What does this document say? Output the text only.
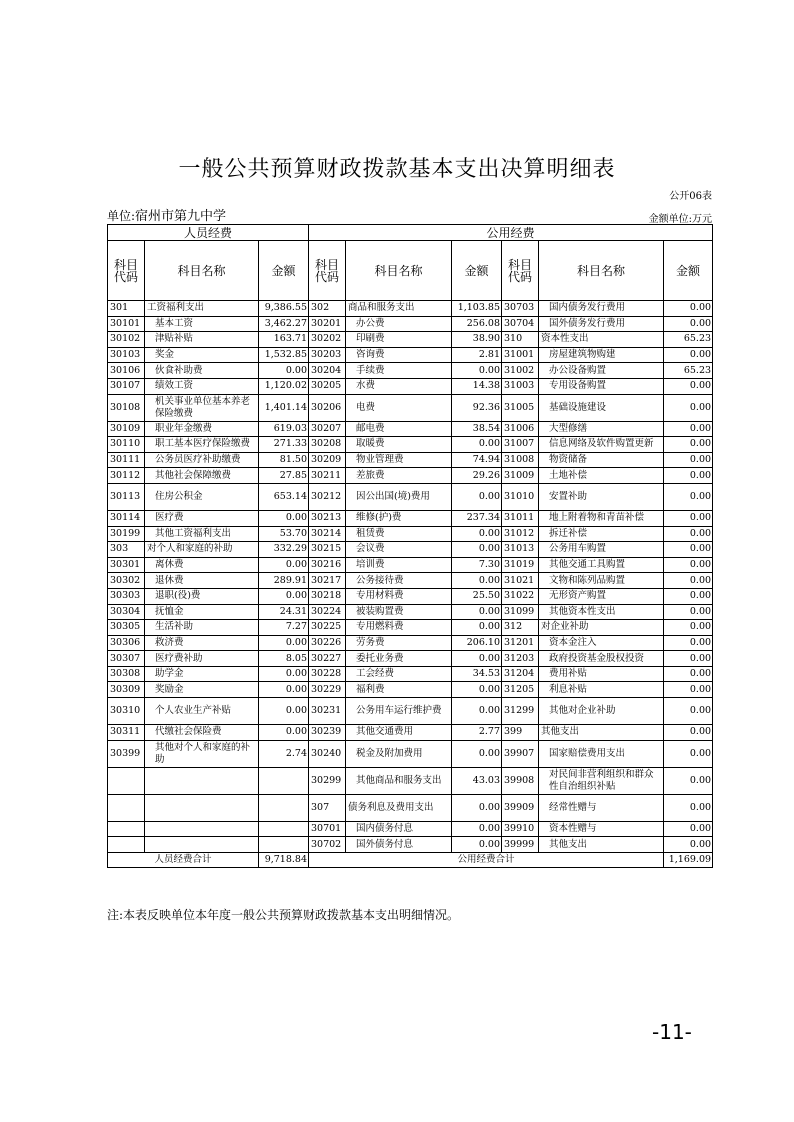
一般公共预算财政拨款基本支出决算明细表
公开06表
单位:宿州市第九中学	金额单位:万元
人员经费			公用经费					
科目代码	科目名称	金额	科目代码	科目名称	金额	科目代码	科目名称	金额
301	工资福利支出	9,386.55	302	商品和服务支出	1,103.85	30703	国内债务发行费用	0.00
30101	基本工资	3,462.27	30201	办公费	256.08	30704	国外债务发行费用	0.00
30102	津贴补贴	163.71	30202	印刷费	38.90	310	资本性支出	65.23
30103	奖金	1,532.85	30203	咨询费	2.81	31001	房屋建筑物购建	0.00
30106	伙食补助费	0.00	30204	手续费	0.00	31002	办公设备购置	65.23
30107	绩效工资	1,120.02	30205	水费	14.38	31003	专用设备购置	0.00
30108	机关事业单位基本养老保险缴费	1,401.14	30206	电费	92.36	31005	基础设施建设	0.00
30109	职业年金缴费	619.03	30207	邮电费	38.54	31006	大型修缮	0.00
30110	职工基本医疗保险缴费	271.33	30208	取暖费	0.00	31007	信息网络及软件购置更新	0.00
30111	公务员医疗补助缴费	81.50	30209	物业管理费	74.94	31008	物资储备	0.00
30112	其他社会保障缴费	27.85	30211	差旅费	29.26	31009	土地补偿	0.00
30113	住房公积金	653.14	30212	因公出国(境)费用	0.00	31010	安置补助	0.00
30114	医疗费	0.00	30213	维修(护)费	237.34	31011	地上附着物和青苗补偿	0.00
30199	其他工资福利支出	53.70	30214	租赁费	0.00	31012	拆迁补偿	0.00
303	对个人和家庭的补助	332.29	30215	会议费	0.00	31013	公务用车购置	0.00
30301	离休费	0.00	30216	培训费	7.30	31019	其他交通工具购置	0.00
30302	退休费	289.91	30217	公务接待费	0.00	31021	文物和陈列品购置	0.00
30303	退职(役)费	0.00	30218	专用材料费	25.50	31022	无形资产购置	0.00
30304	抚恤金	24.31	30224	被装购置费	0.00	31099	其他资本性支出	0.00
30305	生活补助	7.27	30225	专用燃料费	0.00	312	对企业补助	0.00
30306	救济费	0.00	30226	劳务费	206.10	31201	资本金注入	0.00
30307	医疗费补助	8.05	30227	委托业务费	0.00	31203	政府投资基金股权投资	0.00
30308	助学金	0.00	30228	工会经费	34.53	31204	费用补贴	0.00
30309	奖励金	0.00	30229	福利费	0.00	31205	利息补贴	0.00
30310	个人农业生产补贴	0.00	30231	公务用车运行维护费	0.00	31299	其他对企业补助	0.00
30311	代缴社会保险费	0.00	30239	其他交通费用	2.77	399	其他支出	0.00
30399	其他对个人和家庭的补助	2.74	30240	税金及附加费用	0.00	39907	国家赔偿费用支出	0.00
			30299	其他商品和服务支出	43.03	39908	对民间非营利组织和群众性自治组织补贴	0.00
			307	债务利息及费用支出	0.00	39909	经常性赠与	0.00
			30701	国内债务付息	0.00	39910	资本性赠与	0.00
			30702	国外债务付息	0.00	39999	其他支出	0.00
人员经费合计		9,718.84	公用经费合计					1,169.09
注:本表反映单位本年度一般公共预算财政拨款基本支出明细情况。
-11-
